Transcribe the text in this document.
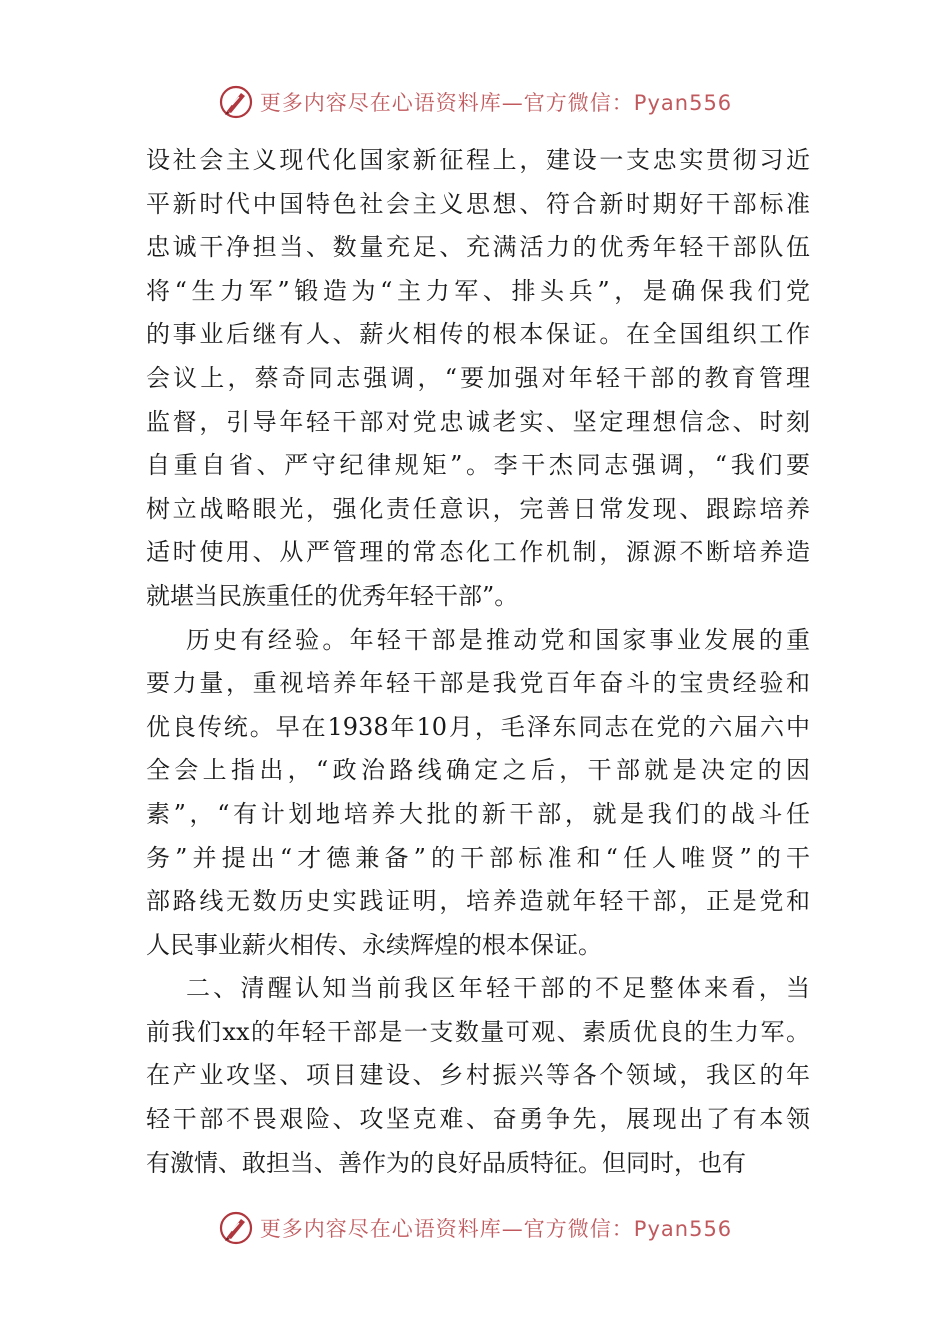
更多内容尽在心语资料库—官方微信：Pyan556
设社会主义现代化国家新征程上，建设一支忠实贯彻习近
平新时代中国特色社会主义思想、符合新时期好干部标准
忠诚干净担当、数量充足、充满活力的优秀年轻干部队伍
将“生力军”锻造为“主力军、排头兵”，是确保我们党
的事业后继有人、薪火相传的根本保证。在全国组织工作
会议上，蔡奇同志强调，“要加强对年轻干部的教育管理
监督，引导年轻干部对党忠诚老实、坚定理想信念、时刻
自重自省、严守纪律规矩”。李干杰同志强调，“我们要
树立战略眼光，强化责任意识，完善日常发现、跟踪培养
适时使用、从严管理的常态化工作机制，源源不断培养造
就堪当民族重任的优秀年轻干部”。
历史有经验。年轻干部是推动党和国家事业发展的重
要力量，重视培养年轻干部是我党百年奋斗的宝贵经验和
优良传统。早在1938年10月，毛泽东同志在党的六届六中
全会上指出，“政治路线确定之后，干部就是决定的因
素”，“有计划地培养大批的新干部，就是我们的战斗任
务”并提出“才德兼备”的干部标准和“任人唯贤”的干
部路线无数历史实践证明，培养造就年轻干部，正是党和
人民事业薪火相传、永续辉煌的根本保证。
二、清醒认知当前我区年轻干部的不足整体来看，当
前我们xx的年轻干部是一支数量可观、素质优良的生力军。
在产业攻坚、项目建设、乡村振兴等各个领域，我区的年
轻干部不畏艰险、攻坚克难、奋勇争先，展现出了有本领
有激情、敢担当、善作为的良好品质特征。但同时，也有
更多内容尽在心语资料库—官方微信：Pyan556
